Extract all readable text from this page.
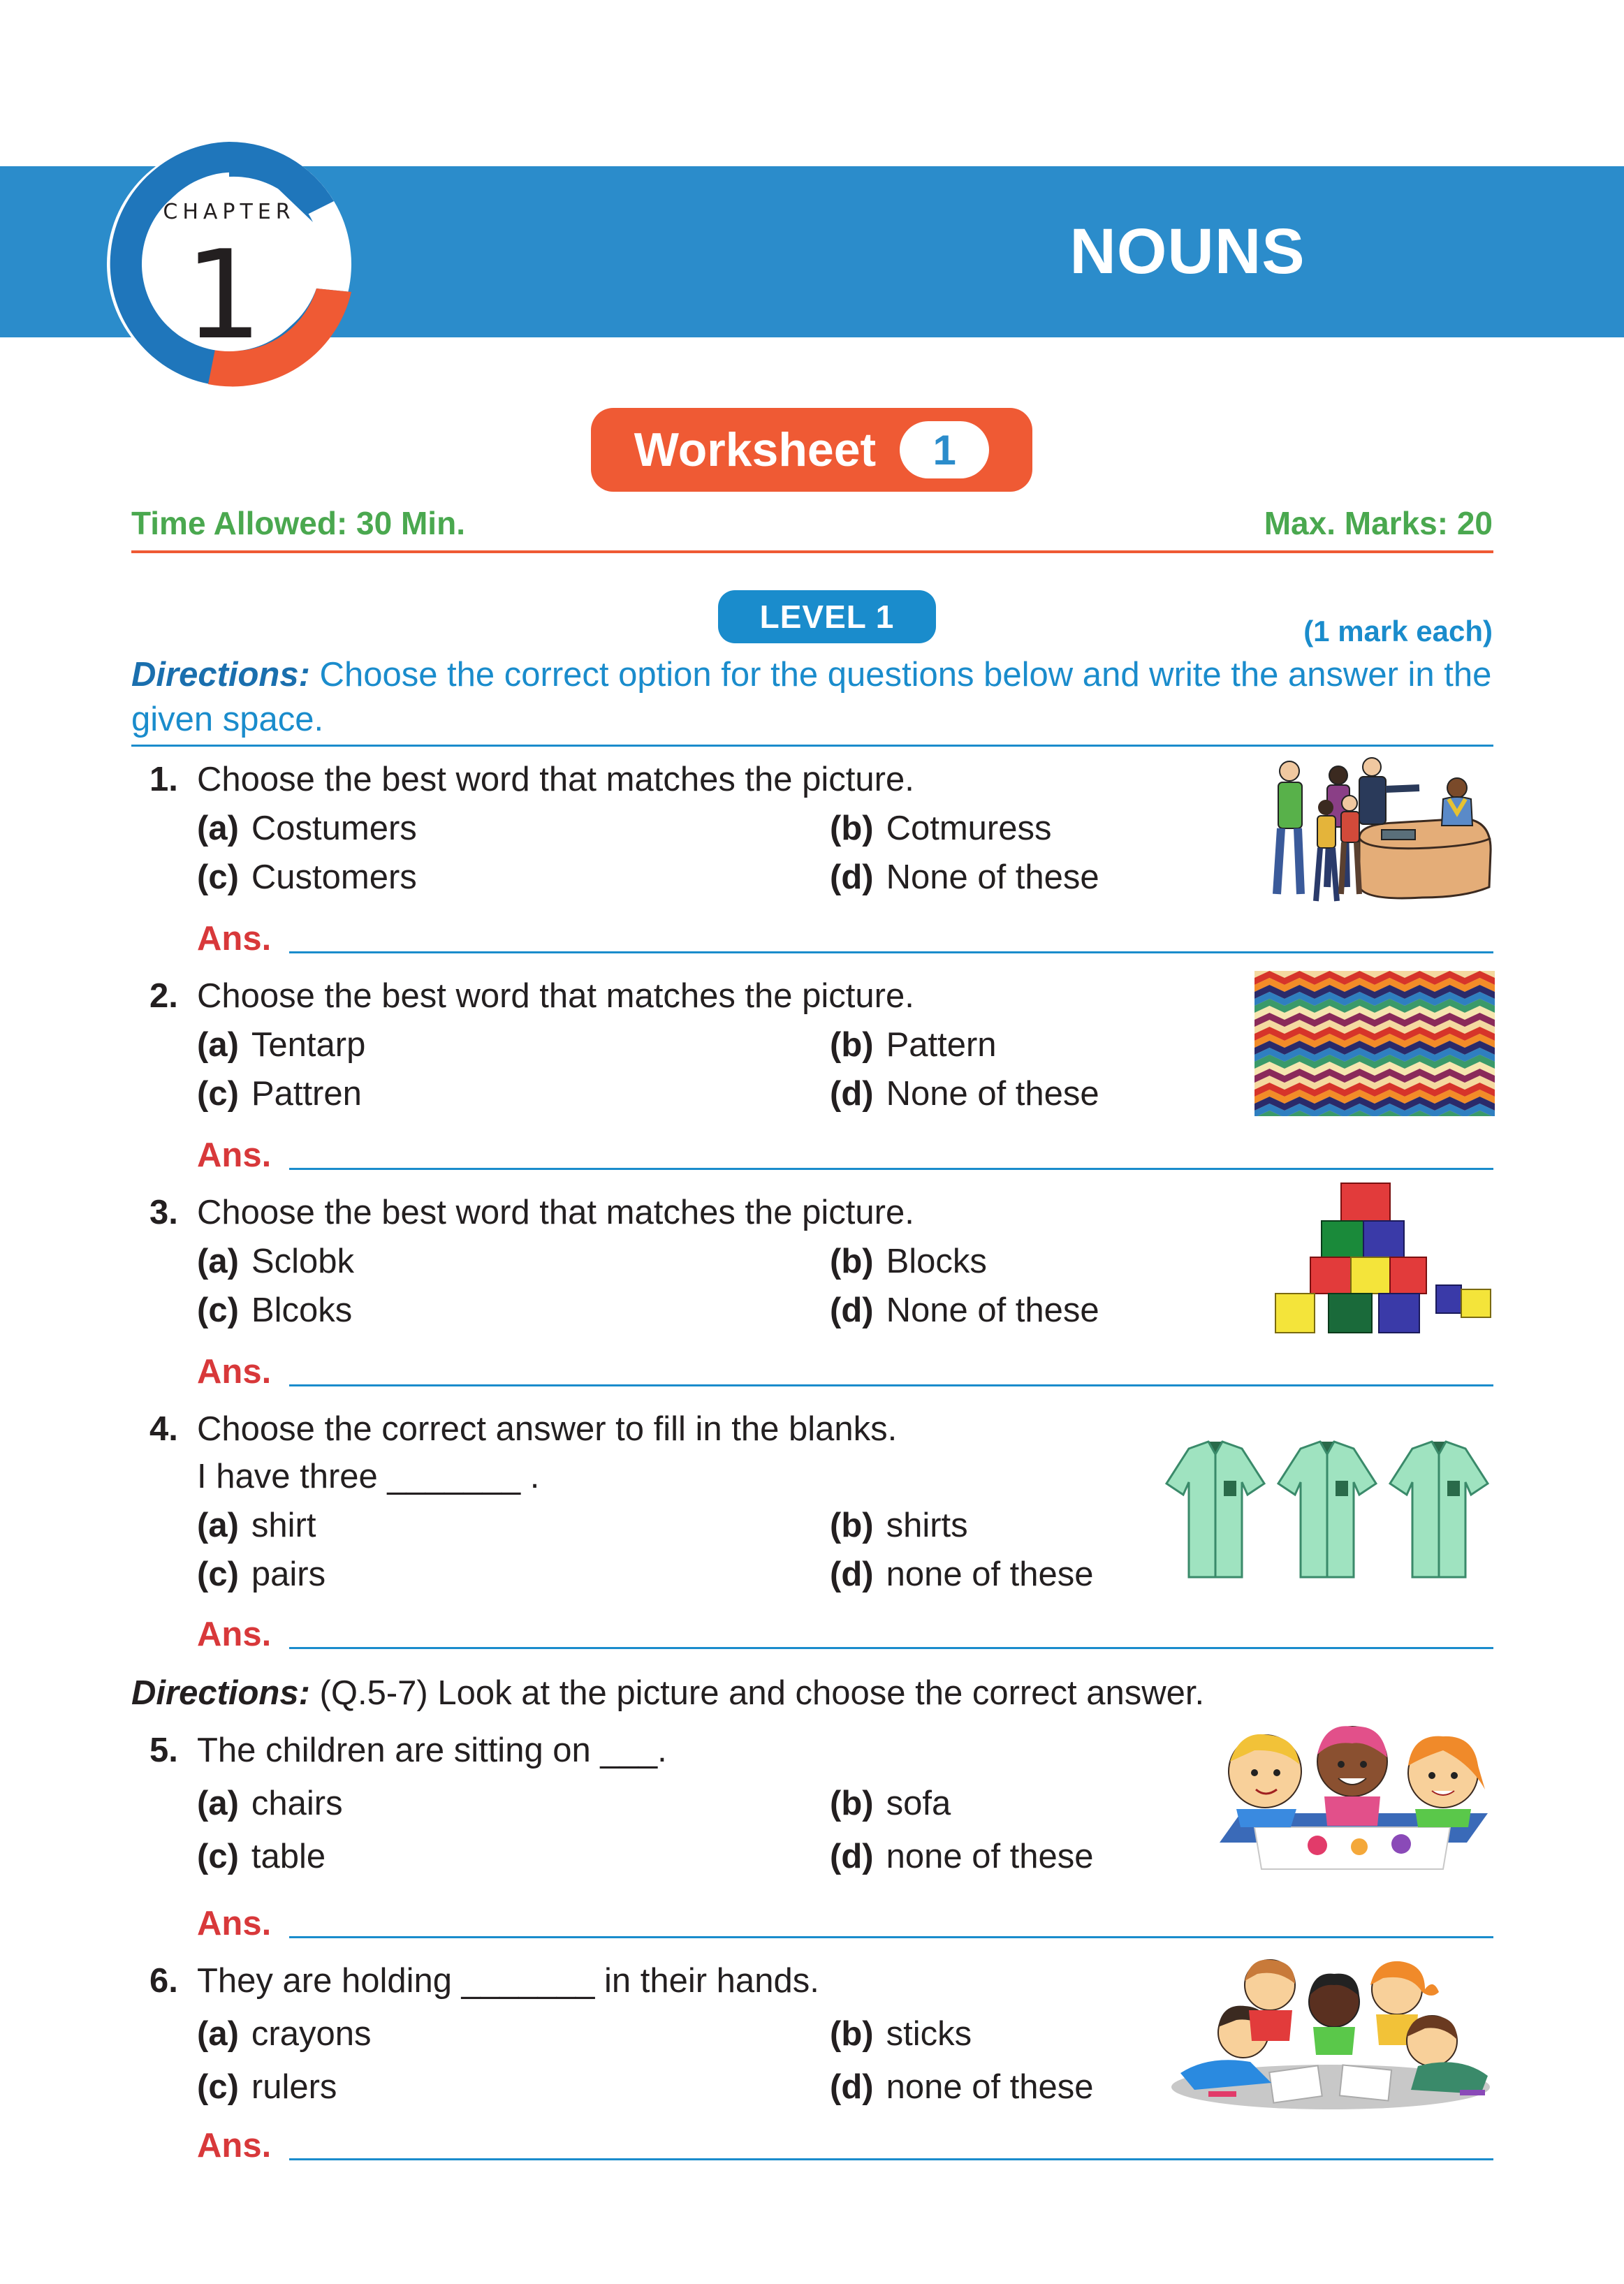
NOUNS
CHAPTER
1
Worksheet	1
Time Allowed: 30 Min.	Max. Marks: 20
LEVEL 1	(1 mark each)
Directions: Choose the correct option for the questions below and write the answer in the given space.
1. Choose the best word that matches the picture.
(a) Costumers	(b) Cotmuress
(c) Customers	(d) None of these
Ans.
2. Choose the best word that matches the picture.
(a) Tentarp	(b) Pattern
(c) Pattren	(d) None of these
Ans.
3. Choose the best word that matches the picture.
(a) Sclobk	(b) Blocks
(c) Blcoks	(d) None of these
Ans.
4. Choose the correct answer to fill in the blanks.
I have three _______ .
(a) shirt	(b) shirts
(c) pairs	(d) none of these
Ans.
Directions: (Q.5-7) Look at the picture and choose the correct answer.
5. The children are sitting on ___.
(a) chairs	(b) sofa
(c) table	(d) none of these
Ans.
6. They are holding _______ in their hands.
(a) crayons	(b) sticks
(c) rulers	(d) none of these
Ans.
